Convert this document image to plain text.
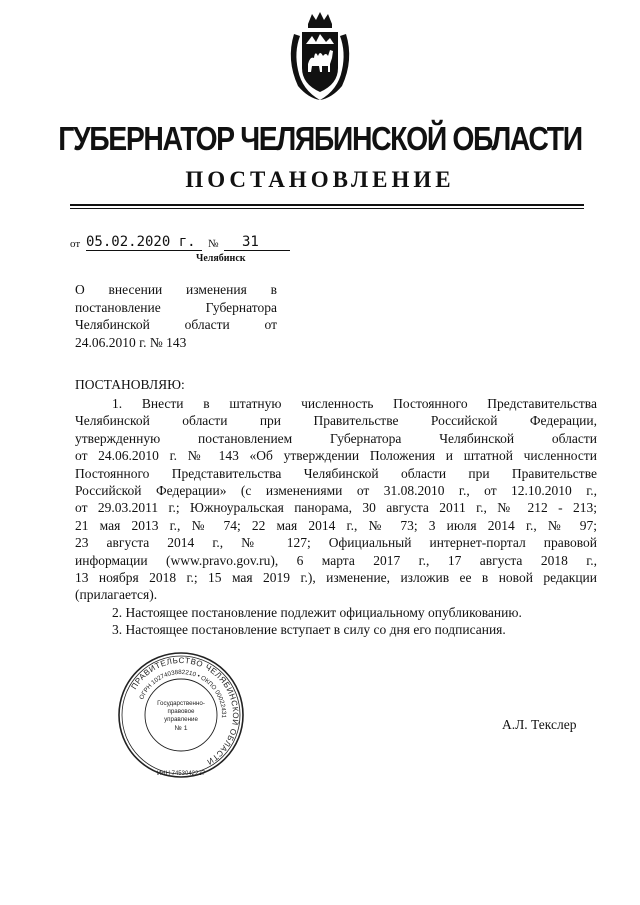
ГУБЕРНАТОР ЧЕЛЯБИНСКОЙ ОБЛАСТИ
ПОСТАНОВЛЕНИЕ
от 05.02.2020 г.	№	31
Челябинск
О внесении изменения в
постановление Губернатора
Челябинской области от
24.06.2010 г. № 143
ПОСТАНОВЛЯЮ:
1. Внести в штатную численность Постоянного Представительства
Челябинской области при Правительстве Российской Федерации,
утвержденную постановлением Губернатора Челябинской области
от 24.06.2010 г. № 143 «Об утверждении Положения и штатной численности
Постоянного Представительства Челябинской области при Правительстве
Российской Федерации» (с изменениями от 31.08.2010 г., от 12.10.2010 г.,
от 29.03.2011 г.; Южноуральская панорама, 30 августа 2011 г., № 212 - 213;
21 мая 2013 г., № 74; 22 мая 2014 г., № 73; 3 июля 2014 г., № 97;
23 августа 2014 г., № 127; Официальный интернет-портал правовой
информации (www.pravo.gov.ru), 6 марта 2017 г., 17 августа 2018 г.,
13 ноября 2018 г.; 15 мая 2019 г.), изменение, изложив ее в новой редакции
(прилагается).
2. Настоящее постановление подлежит официальному опубликованию.
3. Настоящее постановление вступает в силу со дня его подписания.
А.Л. Текслер
ПРАВИТЕЛЬСТВО ЧЕЛЯБИНСКОЙ ОБЛАСТИ
ОГРН 1027403882210 • ОКПО 00022431
ИНН 7453042227
Государственно-
правовое
управление
№ 1
